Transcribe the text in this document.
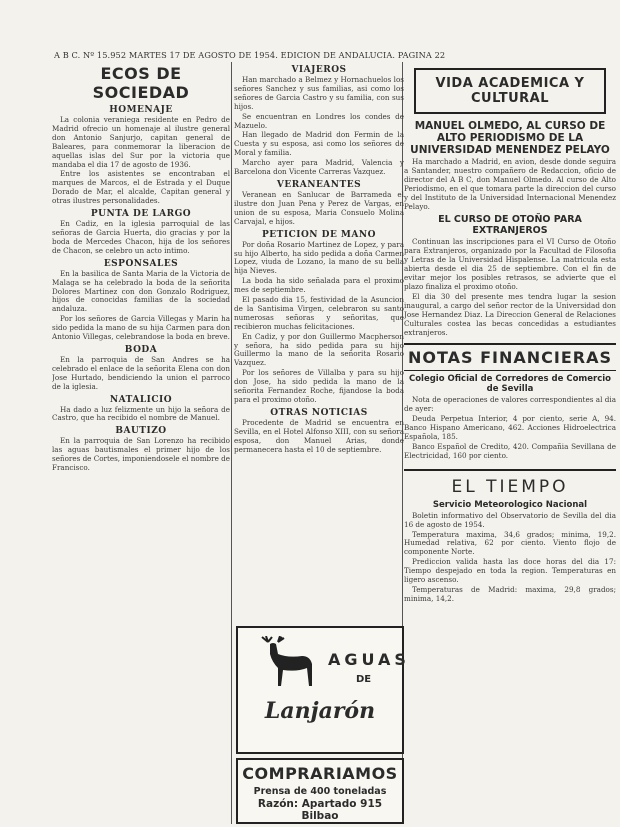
A B C. Nº 15.952 MARTES 17 DE AGOSTO DE 1954. EDICION DE ANDALUCIA. PAGINA 22
ECOS DE SOCIEDAD
HOMENAJE

La colonia veraniega residente en Pedro de Madrid ofrecio un homenaje al ilustre general don Antonio Sanjurjo, capitan general de Baleares, para conmemorar la liberacion de aquellas islas del Sur por la victoria que mandaba el dia 17 de agosto de 1936.

Entre los asistentes se encontraban el marques de Marcos, el de Estrada y el Duque Dorado de Mar, el alcalde, Capitan general y otras ilustres personalidades.

PUNTA DE LARGO

En Cadiz, en la iglesia parroquial de las señoras de Garcia Huerta, dio gracias y por la boda de Mercedes Chacon, hija de los señores de Chacon, se celebro un acto intimo.

ESPONSALES

En la basilica de Santa Maria de la Victoria de Malaga se ha celebrado la boda de la señorita Dolores Martinez con don Gonzalo Rodriguez, hijos de conocidas familias de la sociedad andaluza.

Por los señores de Garcia Villegas y Marin ha sido pedida la mano de su hija Carmen para don Antonio Villegas, celebrandose la boda en breve.

BODA

En la parroquia de San Andres se ha celebrado el enlace de la señorita Elena con don Jose Hurtado, bendiciendo la union el parroco de la iglesia.

NATALICIO

Ha dado a luz felizmente un hijo la señora de Castro, que ha recibido el nombre de Manuel.

BAUTIZO

En la parroquia de San Lorenzo ha recibido las aguas bautismales el primer hijo de los señores de Cortes, imponiendosele el nombre de Francisco.

VIAJEROS

Han marchado a Belmez y Hornachuelos los señores Sanchez y sus familias, asi como los señores de Garcia Castro y su familia, con sus hijos.

Se encuentran en Londres los condes de Mazuelo.

Han llegado de Madrid don Fermin de la Cuesta y su esposa, asi como los señores de Moral y familia.

Marcho ayer para Madrid, Valencia y Barcelona don Vicente Carreras Vazquez.

VERANEANTES

Veranean en Sanlucar de Barrameda el ilustre don Juan Pena y Perez de Vargas, en union de su esposa, Maria Consuelo Molina Carvajal, e hijos.

PETICION DE MANO

Por doña Rosario Martinez de Lopez, y para su hijo Alberto, ha sido pedida a doña Carmen Lopez, viuda de Lozano, la mano de su bella hija Nieves.

La boda ha sido señalada para el proximo mes de septiembre.

El pasado dia 15, festividad de la Asuncion de la Santisima Virgen, celebraron su santo numerosas señoras y señoritas, que recibieron muchas felicitaciones.

En Cadiz, y por don Guillermo Macpherson y señora, ha sido pedida para su hijo Guillermo la mano de la señorita Rosario Vazquez.

Por los señores de Villalba y para su hijo don Jose, ha sido pedida la mano de la señorita Fernandez Roche, fijandose la boda para el proximo otoño.

OTRAS NOTICIAS

Procedente de Madrid se encuentra en Sevilla, en el Hotel Alfonso XIII, con su señora esposa, don Manuel Arias, donde permanecera hasta el 10 de septiembre.

AGUAS
DE
Lanjarón
COMPRARIAMOS
Prensa de 400 toneladas
Razón: Apartado 915 Bilbao
VIDA ACADEMICA Y CULTURAL
MANUEL OLMEDO, AL CURSO DE ALTO PERIODISMO DE LA UNIVERSIDAD MENENDEZ PELAYO

Ha marchado a Madrid, en avion, desde donde seguira a Santander, nuestro compañero de Redaccion, oficio de director del A B C, don Manuel Olmedo. Al curso de Alto Periodismo, en el que tomara parte la direccion del curso y del Instituto de la Universidad Internacional Menendez Pelayo.

EL CURSO DE OTOÑO PARA EXTRANJEROS

Continuan las inscripciones para el VI Curso de Otoño para Extranjeros, organizado por la Facultad de Filosofia y Letras de la Universidad Hispalense. La matricula esta abierta desde el dia 25 de septiembre. Con el fin de evitar mejor los posibles retrasos, se advierte que el plazo finaliza el proximo otoño.

El dia 30 del presente mes tendra lugar la sesion inaugural, a cargo del señor rector de la Universidad don Jose Hernandez Diaz. La Direccion General de Relaciones Culturales costea las becas concedidas a estudiantes extranjeros.

NOTAS FINANCIERAS
Colegio Oficial de Corredores de Comercio de Sevilla

Nota de operaciones de valores correspondientes al dia de ayer:

Deuda Perpetua Interior, 4 por ciento, serie A, 94. Banco Hispano Americano, 462. Acciones Hidroelectrica Española, 185.

Banco Español de Credito, 420. Compañia Sevillana de Electricidad, 160 por ciento.

EL TIEMPO
Servicio Meteorologico Nacional

Boletin informativo del Observatorio de Sevilla del dia 16 de agosto de 1954.

Temperatura maxima, 34,6 grados; minima, 19,2. Humedad relativa, 62 por ciento. Viento flojo de componente Norte.

Prediccion valida hasta las doce horas del dia 17: Tiempo despejado en toda la region. Temperaturas en ligero ascenso.

Temperaturas de Madrid: maxima, 29,8 grados; minima, 14,2.
